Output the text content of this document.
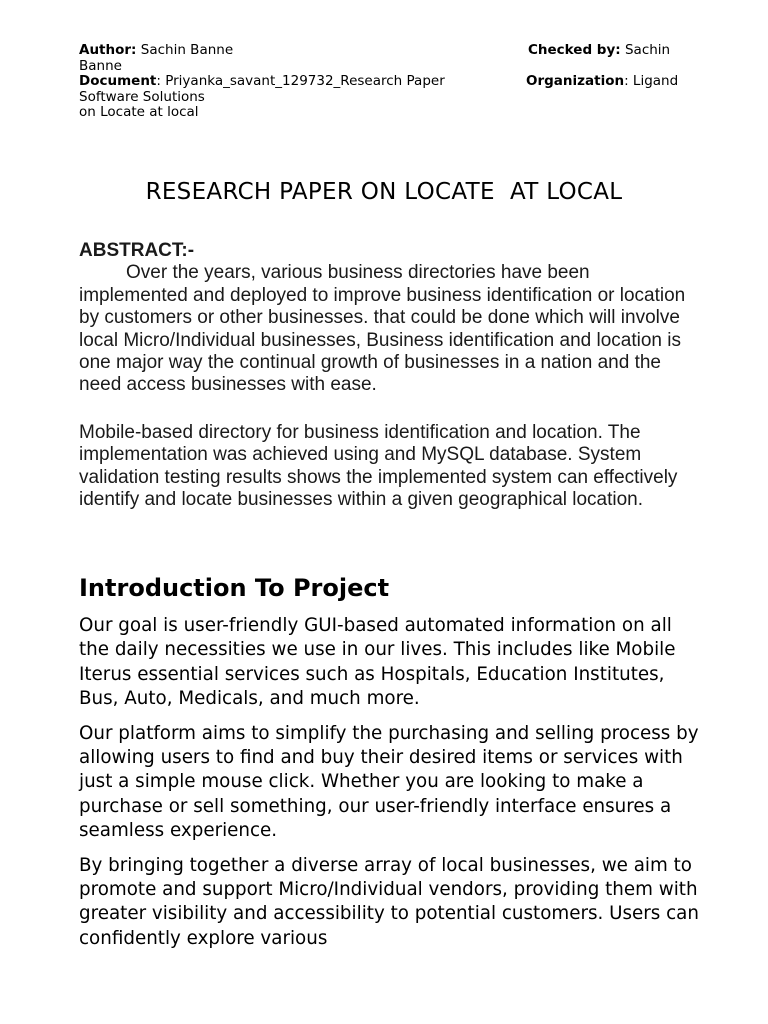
Author: Sachin Banne	Checked by: Sachin
Banne
Document: Priyanka_savant_129732_Research Paper	Organization: Ligand
Software Solutions
on Locate at local
RESEARCH PAPER ON LOCATE  AT LOCAL
ABSTRACT:-

Over the years, various business directories have been implemented and deployed to improve business identification or location by customers or other businesses. that could be done which will involve local Micro/Individual businesses, Business identification and location is one major way the continual growth of businesses in a nation and the need access businesses with ease.

Mobile-based directory for business identification and location. The implementation was achieved using and MySQL database. System validation testing results shows the implemented system can effectively identify and locate businesses within a given geographical location.

Introduction To Project

Our goal is user-friendly GUI-based automated information on all the daily necessities we use in our lives. This includes like Mobile Iterus essential services such as Hospitals, Education Institutes, Bus, Auto, Medicals, and much more.

Our platform aims to simplify the purchasing and selling process by allowing users to find and buy their desired items or services with just a simple mouse click. Whether you are looking to make a purchase or sell something, our user-friendly interface ensures a seamless experience.

By bringing together a diverse array of local businesses, we aim to promote and support Micro/Individual vendors, providing them with greater visibility and accessibility to potential customers. Users can confidently explore various
